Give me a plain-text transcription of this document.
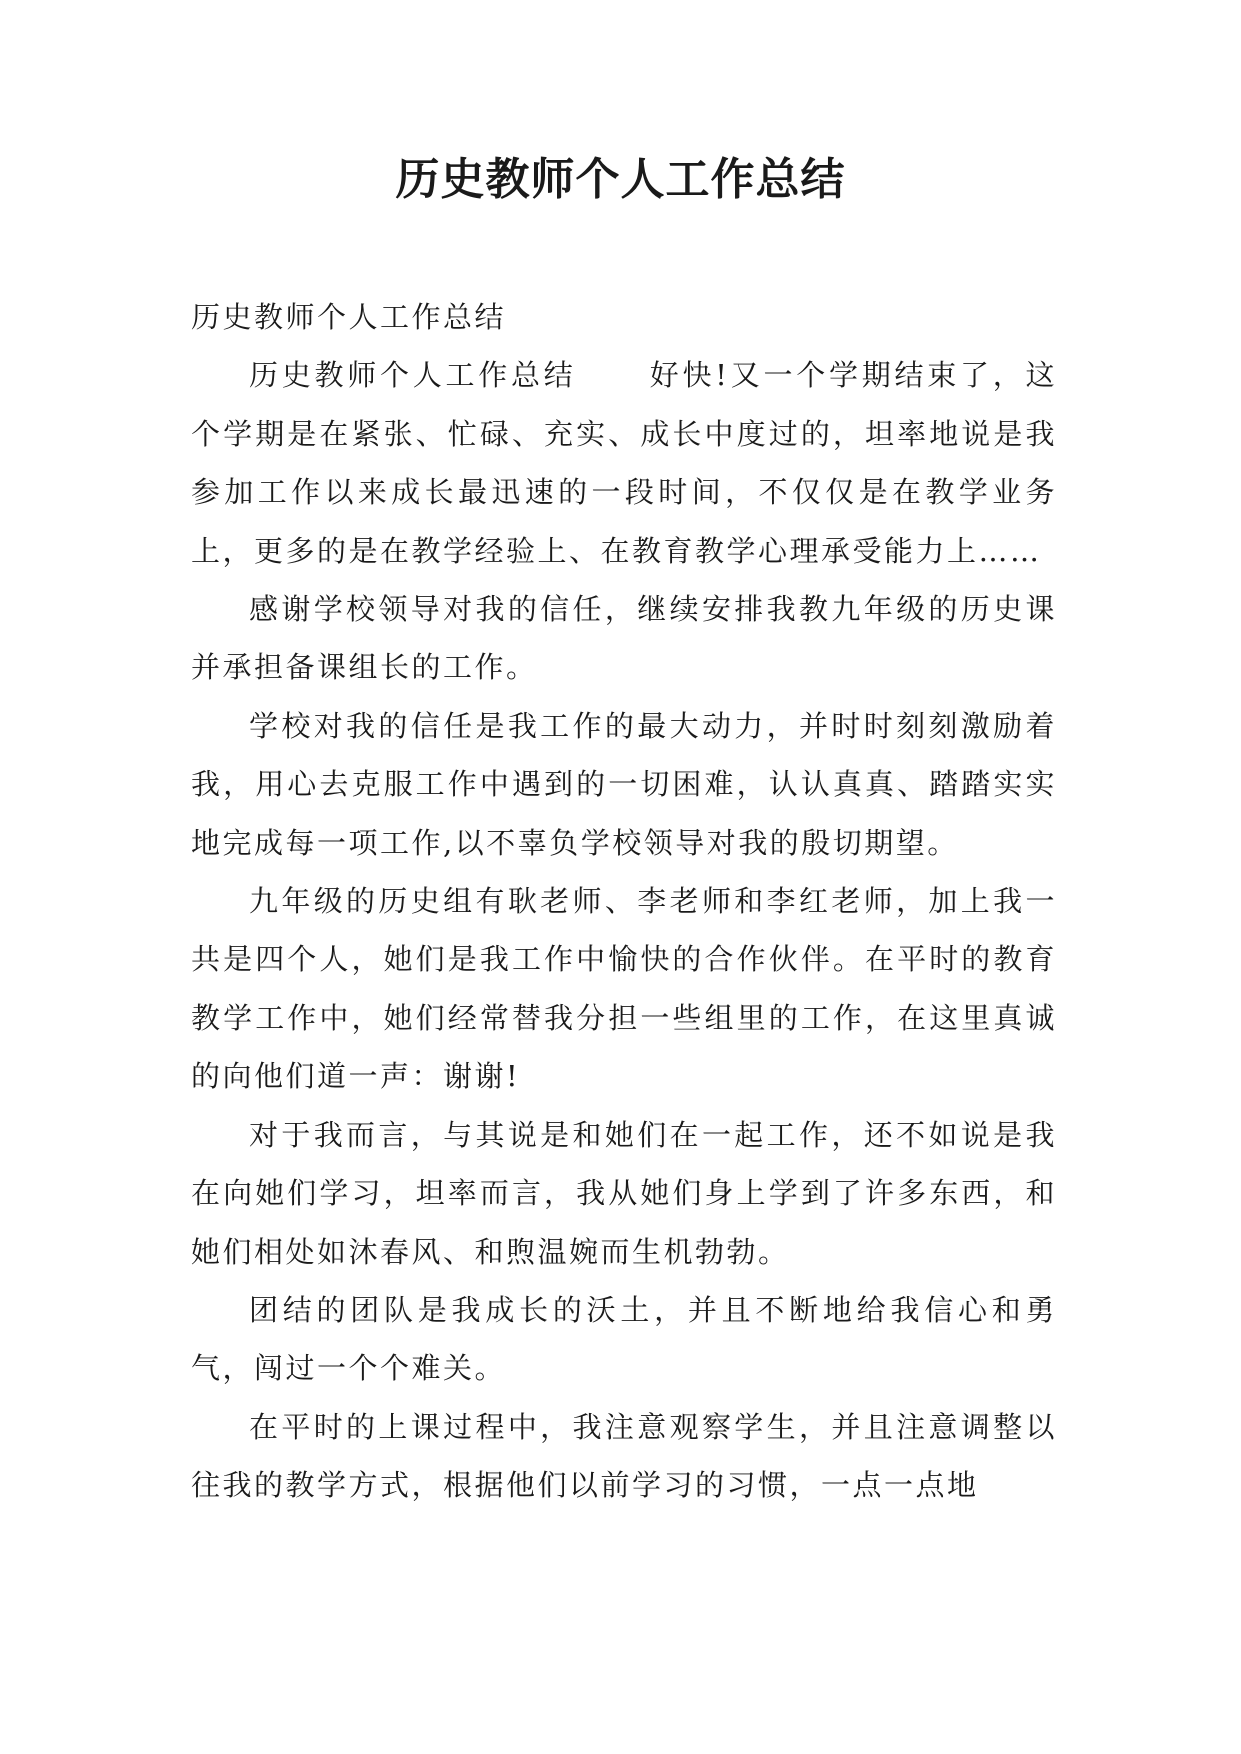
历史教师个人工作总结

历史教师个人工作总结

历史教师个人工作总结 好快!又一个学期结束了，这个学期是在紧张、忙碌、充实、成长中度过的，坦率地说是我参加工作以来成长最迅速的一段时间，不仅仅是在教学业务上，更多的是在教学经验上、在教育教学心理承受能力上……

感谢学校领导对我的信任，继续安排我教九年级的历史课并承担备课组长的工作。

学校对我的信任是我工作的最大动力，并时时刻刻激励着我，用心去克服工作中遇到的一切困难，认认真真、踏踏实实地完成每一项工作,以不辜负学校领导对我的殷切期望。

九年级的历史组有耿老师、李老师和李红老师，加上我一共是四个人，她们是我工作中愉快的合作伙伴。在平时的教育教学工作中，她们经常替我分担一些组里的工作，在这里真诚的向他们道一声：谢谢!

对于我而言，与其说是和她们在一起工作，还不如说是我在向她们学习，坦率而言，我从她们身上学到了许多东西，和她们相处如沐春风、和煦温婉而生机勃勃。

团结的团队是我成长的沃土，并且不断地给我信心和勇气，闯过一个个难关。

在平时的上课过程中，我注意观察学生，并且注意调整以往我的教学方式，根据他们以前学习的习惯，一点一点地
